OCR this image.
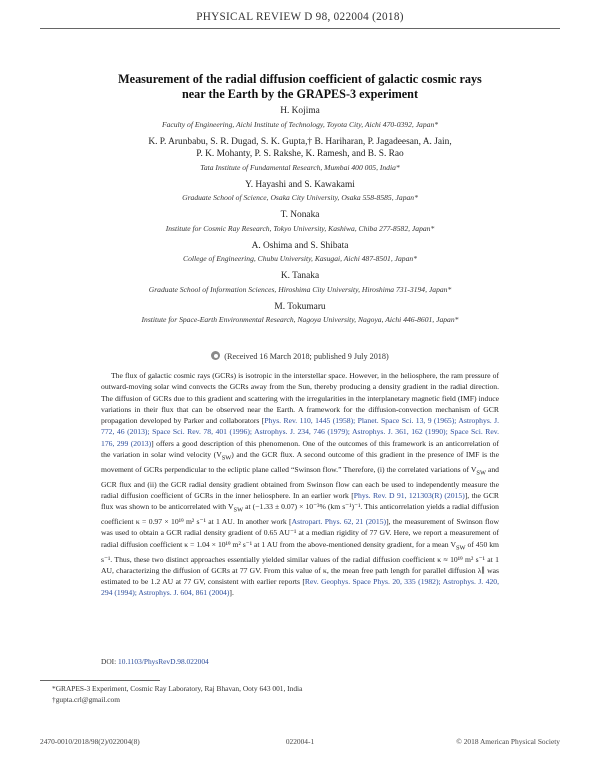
PHYSICAL REVIEW D 98, 022004 (2018)
Measurement of the radial diffusion coefficient of galactic cosmic rays
near the Earth by the GRAPES-3 experiment
H. Kojima
Faculty of Engineering, Aichi Institute of Technology, Toyota City, Aichi 470-0392, Japan*
K. P. Arunbabu, S. R. Dugad, S. K. Gupta,† B. Hariharan, P. Jagadeesan, A. Jain,
P. K. Mohanty, P. S. Rakshe, K. Ramesh, and B. S. Rao
Tata Institute of Fundamental Research, Mumbai 400 005, India*
Y. Hayashi and S. Kawakami
Graduate School of Science, Osaka City University, Osaka 558-8585, Japan*
T. Nonaka
Institute for Cosmic Ray Research, Tokyo University, Kashiwa, Chiba 277-8582, Japan*
A. Oshima and S. Shibata
College of Engineering, Chubu University, Kasugai, Aichi 487-8501, Japan*
K. Tanaka
Graduate School of Information Sciences, Hiroshima City University, Hiroshima 731-3194, Japan*
M. Tokumaru
Institute for Space-Earth Environmental Research, Nagoya University, Nagoya, Aichi 446-8601, Japan*
(Received 16 March 2018; published 9 July 2018)

The flux of galactic cosmic rays (GCRs) is isotropic in the interstellar space. However, in the heliosphere, the ram pressure of outward-moving solar wind convects the GCRs away from the Sun, thereby producing a density gradient in the radial direction. The diffusion of GCRs due to this gradient and scattering with the irregularities in the interplanetary magnetic field (IMF) induce variations in their flux that can be observed near the Earth. A framework for the diffusion-convection mechanism of GCR propagation developed by Parker and collaborators [Phys. Rev. 110, 1445 (1958); Planet. Space Sci. 13, 9 (1965); Astrophys. J. 772, 46 (2013); Space Sci. Rev. 78, 401 (1996); Astrophys. J. 234, 746 (1979); Astrophys. J. 361, 162 (1990); Space Sci. Rev. 176, 299 (2013)] offers a good description of this phenomenon. One of the outcomes of this framework is an anticorrelation of the variation in solar wind velocity $(V_{SW})$ and the GCR flux. A second outcome of this gradient in the presence of IMF is the movement of GCRs perpendicular to the ecliptic plane called “Swinson flow.” Therefore, (i) the correlated variations of $V_{SW}$ and GCR flux and (ii) the GCR radial density gradient obtained from Swinson flow can each be used to independently measure the radial diffusion coefficient of GCRs in the inner heliosphere. In an earlier work [Phys. Rev. D 91, 121303(R) (2015)], the GCR flux was shown to be anticorrelated with $V_{SW}$ at (−1.33 ± 0.07) × 10⁻³% (km s⁻¹)⁻¹. This anticorrelation yields a radial diffusion coefficient κ = 0.97 × 10¹⁹ m² s⁻¹ at 1 AU. In another work [Astropart. Phys. 62, 21 (2015)], the measurement of Swinson flow was used to obtain a GCR radial density gradient of 0.65 AU⁻¹ at a median rigidity of 77 GV. Here, we report a measurement of radial diffusion coefficient κ = 1.04 × 10¹⁹ m² s⁻¹ at 1 AU from the above-mentioned density gradient, for a mean $V_{SW}$ of 450 km s⁻¹. Thus, these two distinct approaches essentially yielded similar values of the radial diffusion coefficient κ ≈ 10¹⁹ m² s⁻¹ at 1 AU, characterizing the diffusion of GCRs at 77 GV. From this value of κ, the mean free path length for parallel diffusion λ∥ was estimated to be 1.2 AU at 77 GV, consistent with earlier reports [Rev. Geophys. Space Phys. 20, 335 (1982); Astrophys. J. 420, 294 (1994); Astrophys. J. 604, 861 (2004)].

DOI: 10.1103/PhysRevD.98.022004
*GRAPES-3 Experiment, Cosmic Ray Laboratory, Raj Bhavan, Ooty 643 001, India
†gupta.crl@gmail.com
2470-0010/2018/98(2)/022004(8)	022004-1	© 2018 American Physical Society
